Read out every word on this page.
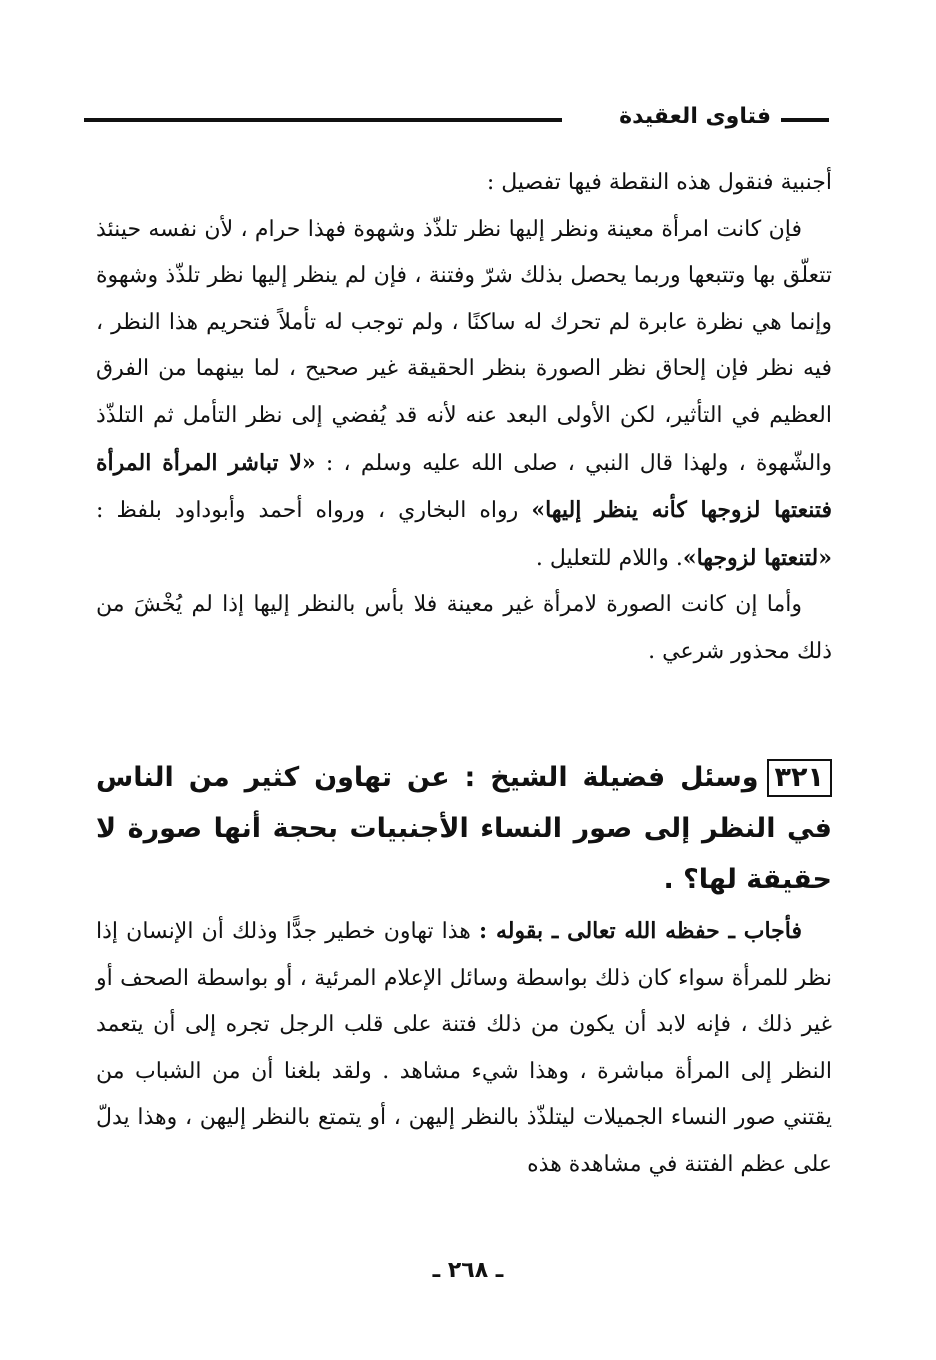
فتاوى العقيدة

أجنبية فنقول هذه النقطة فيها تفصيل :

فإن كانت امرأة معينة ونظر إليها نظر تلذّذ وشهوة فهذا حرام ، لأن نفسه حينئذ تتعلّق بها وتتبعها وربما يحصل بذلك شرّ وفتنة ، فإن لم ينظر إليها نظر تلذّذ وشهوة وإنما هي نظرة عابرة لم تحرك له ساكنًا ، ولم توجب له تأملاً فتحريم هذا النظر ، فيه نظر فإن إلحاق نظر الصورة بنظر الحقيقة غير صحيح ، لما بينهما من الفرق العظيم في التأثير، لكن الأولى البعد عنه لأنه قد يُفضي إلى نظر التأمل ثم التلذّذ والشّهوة ، ولهذا قال النبي ، صلى الله عليه وسلم ، : «لا تباشر المرأة المرأة فتنعتها لزوجها كأنه ينظر إليها» رواه البخاري ، ورواه أحمد وأبوداود بلفظ : «لتنعتها لزوجها». واللام للتعليل .

وأما إن كانت الصورة لامرأة غير معينة فلا بأس بالنظر إليها إذا لم يُخْشَ من ذلك محذور شرعي .

٣٢١وسئل فضيلة الشيخ : عن تهاون كثير من الناس في النظر إلى صور النساء الأجنبيات بحجة أنها صورة لا حقيقة لها؟ .

فأجاب ـ حفظه الله تعالى ـ بقوله : هذا تهاون خطير جدًّا وذلك أن الإنسان إذا نظر للمرأة سواء كان ذلك بواسطة وسائل الإعلام المرئية ، أو بواسطة الصحف أو غير ذلك ، فإنه لابد أن يكون من ذلك فتنة على قلب الرجل تجره إلى أن يتعمد النظر إلى المرأة مباشرة ، وهذا شيء مشاهد . ولقد بلغنا أن من الشباب من يقتني صور النساء الجميلات ليتلذّذ بالنظر إليهن ، أو يتمتع بالنظر إليهن ، وهذا يدلّ على عظم الفتنة في مشاهدة هذه

ـ ٢٦٨ ـ
